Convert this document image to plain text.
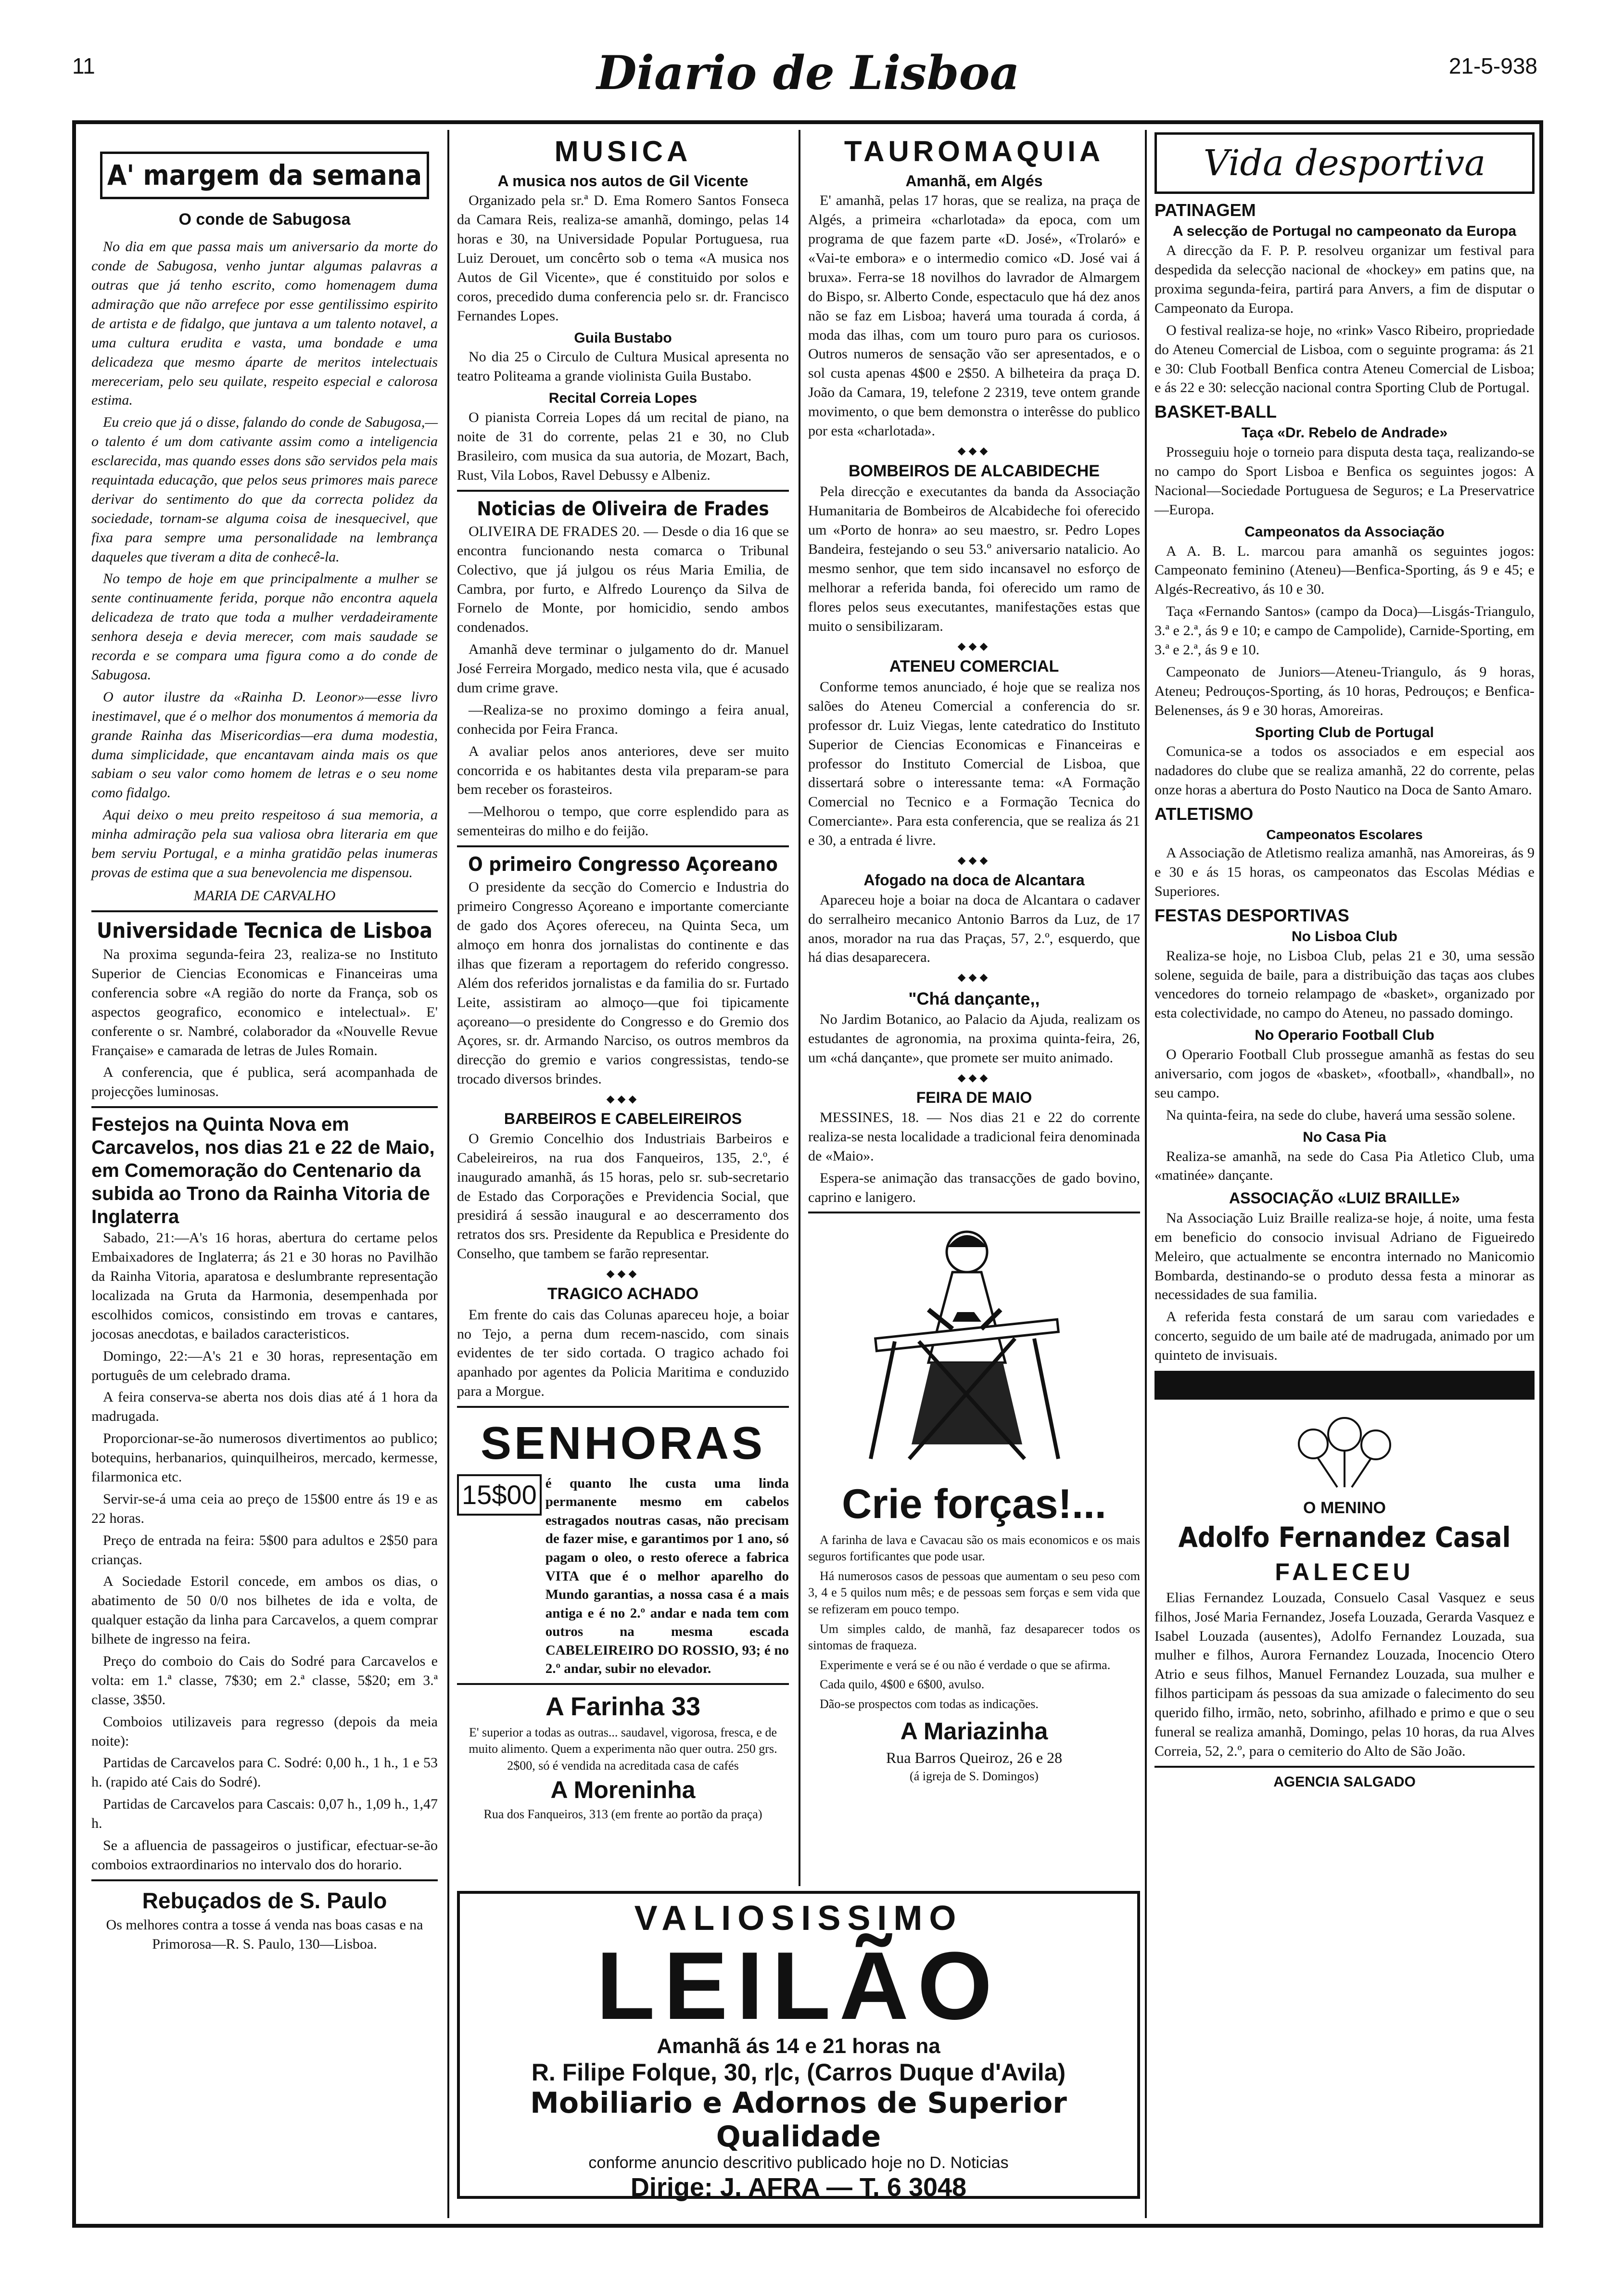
11	Diario de Lisboa	21-5-938
A' margem da semana
O conde de Sabugosa

No dia em que passa mais um aniversario da morte do conde de Sabugosa, venho juntar algumas palavras a outras que já tenho escrito, como homenagem duma admiração que não arrefece por esse gentilissimo espirito de artista e de fidalgo, que juntava a um talento notavel, a uma cultura erudita e vasta, uma bondade e uma delicadeza que mesmo áparte de meritos intelectuais mereceriam, pelo seu quilate, respeito especial e calorosa estima.

Eu creio que já o disse, falando do conde de Sabugosa,—o talento é um dom cativante assim como a inteligencia esclarecida, mas quando esses dons são servidos pela mais requintada educação, que pelos seus primores mais parece derivar do sentimento do que da correcta polidez da sociedade, tornam-se alguma coisa de inesquecivel, que fixa para sempre uma personalidade na lembrança daqueles que tiveram a dita de conhecê-la.

No tempo de hoje em que principalmente a mulher se sente continuamente ferida, porque não encontra aquela delicadeza de trato que toda a mulher verdadeiramente senhora deseja e devia merecer, com mais saudade se recorda e se compara uma figura como a do conde de Sabugosa.

O autor ilustre da «Rainha D. Leonor»—esse livro inestimavel, que é o melhor dos monumentos á memoria da grande Rainha das Misericordias—era duma modestia, duma simplicidade, que encantavam ainda mais os que sabiam o seu valor como homem de letras e o seu nome como fidalgo.

Aqui deixo o meu preito respeitoso á sua memoria, a minha admiração pela sua valiosa obra literaria em que bem serviu Portugal, e a minha gratidão pelas inumeras provas de estima que a sua benevolencia me dispensou.

MARIA DE CARVALHO
Universidade Tecnica de Lisboa

Na proxima segunda-feira 23, realiza-se no Instituto Superior de Ciencias Economicas e Financeiras uma conferencia sobre «A região do norte da França, sob os aspectos geografico, economico e intelectual». E' conferente o sr. Nambré, colaborador da «Nouvelle Revue Française» e camarada de letras de Jules Romain.

A conferencia, que é publica, será acompanhada de projecções luminosas.

Festejos na Quinta Nova em Carcavelos, nos dias 21 e 22 de Maio, em Comemoração do Centenario da subida ao Trono da Rainha Vitoria de Inglaterra

Sabado, 21:—A's 16 horas, abertura do certame pelos Embaixadores de Inglaterra; ás 21 e 30 horas no Pavilhão da Rainha Vitoria, aparatosa e deslumbrante representação localizada na Gruta da Harmonia, desempenhada por escolhidos comicos, consistindo em trovas e cantares, jocosas anecdotas, e bailados caracteristicos.

Domingo, 22:—A's 21 e 30 horas, representação em português de um celebrado drama.

A feira conserva-se aberta nos dois dias até á 1 hora da madrugada.

Proporcionar-se-ão numerosos divertimentos ao publico; botequins, herbanarios, quinquilheiros, mercado, kermesse, filarmonica etc.

Servir-se-á uma ceia ao preço de 15$00 entre ás 19 e as 22 horas.

Preço de entrada na feira: 5$00 para adultos e 2$50 para crianças.

A Sociedade Estoril concede, em ambos os dias, o abatimento de 50 0/0 nos bilhetes de ida e volta, de qualquer estação da linha para Carcavelos, a quem comprar bilhete de ingresso na feira.

Preço do comboio do Cais do Sodré para Carcavelos e volta: em 1.ª classe, 7$30; em 2.ª classe, 5$20; em 3.ª classe, 3$50.

Comboios utilizaveis para regresso (depois da meia noite):

Partidas de Carcavelos para C. Sodré: 0,00 h., 1 h., 1 e 53 h. (rapido até Cais do Sodré).

Partidas de Carcavelos para Cascais: 0,07 h., 1,09 h., 1,47 h.

Se a afluencia de passageiros o justificar, efectuar-se-ão comboios extraordinarios no intervalo dos do horario.

Rebuçados de S. Paulo
Os melhores contra a tosse á venda nas boas casas e na Primorosa—R. S. Paulo, 130—Lisboa.
MUSICA
A musica nos autos de Gil Vicente

Organizado pela sr.ª D. Ema Romero Santos Fonseca da Camara Reis, realiza-se amanhã, domingo, pelas 14 horas e 30, na Universidade Popular Portuguesa, rua Luiz Derouet, um concêrto sob o tema «A musica nos Autos de Gil Vicente», que é constituido por solos e coros, precedido duma conferencia pelo sr. dr. Francisco Fernandes Lopes.

Guila Bustabo

No dia 25 o Circulo de Cultura Musical apresenta no teatro Politeama a grande violinista Guila Bustabo.

Recital Correia Lopes

O pianista Correia Lopes dá um recital de piano, na noite de 31 do corrente, pelas 21 e 30, no Club Brasileiro, com musica da sua autoria, de Mozart, Bach, Rust, Vila Lobos, Ravel Debussy e Albeniz.

Noticias de Oliveira de Frades

OLIVEIRA DE FRADES 20. — Desde o dia 16 que se encontra funcionando nesta comarca o Tribunal Colectivo, que já julgou os réus Maria Emilia, de Cambra, por furto, e Alfredo Lourenço da Silva de Fornelo de Monte, por homicidio, sendo ambos condenados.

Amanhã deve terminar o julgamento do dr. Manuel José Ferreira Morgado, medico nesta vila, que é acusado dum crime grave.

—Realiza-se no proximo domingo a feira anual, conhecida por Feira Franca.

A avaliar pelos anos anteriores, deve ser muito concorrida e os habitantes desta vila preparam-se para bem receber os forasteiros.

—Melhorou o tempo, que corre esplendido para as sementeiras do milho e do feijão.

O primeiro Congresso Açoreano

O presidente da secção do Comercio e Industria do primeiro Congresso Açoreano e importante comerciante de gado dos Açores ofereceu, na Quinta Seca, um almoço em honra dos jornalistas do continente e das ilhas que fizeram a reportagem do referido congresso. Além dos referidos jornalistas e da familia do sr. Furtado Leite, assistiram ao almoço—que foi tipicamente açoreano—o presidente do Congresso e do Gremio dos Açores, sr. dr. Armando Narciso, os outros membros da direcção do gremio e varios congressistas, tendo-se trocado diversos brindes.

◆◆◆
BARBEIROS E CABELEIREIROS

O Gremio Concelhio dos Industriais Barbeiros e Cabeleireiros, na rua dos Fanqueiros, 135, 2.º, é inaugurado amanhã, ás 15 horas, pelo sr. sub-secretario de Estado das Corporações e Previdencia Social, que presidirá á sessão inaugural e ao descerramento dos retratos dos srs. Presidente da Republica e Presidente do Conselho, que tambem se farão representar.

◆◆◆
TRAGICO ACHADO

Em frente do cais das Colunas apareceu hoje, a boiar no Tejo, a perna dum recem-nascido, com sinais evidentes de ter sido cortada. O tragico achado foi apanhado por agentes da Policia Maritima e conduzido para a Morgue.

SENHORAS
15$00 é quanto lhe custa uma linda permanente mesmo em cabelos estragados noutras casas, não precisam de fazer mise, e garantimos por 1 ano, só pagam o oleo, o resto oferece a fabrica VITA que é o melhor aparelho do Mundo garantias, a nossa casa é a mais antiga e é no 2.º andar e nada tem com outros na mesma escada CABELEIREIRO DO ROSSIO, 93; é no 2.º andar, subir no elevador.
A Farinha 33
E' superior a todas as outras... saudavel, vigorosa, fresca, e de muito alimento. Quem a experimenta não quer outra. 250 grs. 2$00, só é vendida na acreditada casa de cafés
A Moreninha
Rua dos Fanqueiros, 313 (em frente ao portão da praça)
TAUROMAQUIA
Amanhã, em Algés

E' amanhã, pelas 17 horas, que se realiza, na praça de Algés, a primeira «charlotada» da epoca, com um programa de que fazem parte «D. José», «Trolaró» e «Vai-te embora» e o intermedio comico «D. José vai á bruxa». Ferra-se 18 novilhos do lavrador de Almargem do Bispo, sr. Alberto Conde, espectaculo que há dez anos não se faz em Lisboa; haverá uma tourada á corda, á moda das ilhas, com um touro puro para os curiosos. Outros numeros de sensação vão ser apresentados, e o sol custa apenas 4$00 e 2$50. A bilheteira da praça D. João da Camara, 19, telefone 2 2319, teve ontem grande movimento, o que bem demonstra o interêsse do publico por esta «charlotada».

◆◆◆
BOMBEIROS DE ALCABIDECHE

Pela direcção e executantes da banda da Associação Humanitaria de Bombeiros de Alcabideche foi oferecido um «Porto de honra» ao seu maestro, sr. Pedro Lopes Bandeira, festejando o seu 53.º aniversario natalicio. Ao mesmo senhor, que tem sido incansavel no esforço de melhorar a referida banda, foi oferecido um ramo de flores pelos seus executantes, manifestações estas que muito o sensibilizaram.

◆◆◆
ATENEU COMERCIAL

Conforme temos anunciado, é hoje que se realiza nos salões do Ateneu Comercial a conferencia do sr. professor dr. Luiz Viegas, lente catedratico do Instituto Superior de Ciencias Economicas e Financeiras e professor do Instituto Comercial de Lisboa, que dissertará sobre o interessante tema: «A Formação Comercial no Tecnico e a Formação Tecnica do Comerciante». Para esta conferencia, que se realiza ás 21 e 30, a entrada é livre.

◆◆◆
Afogado na doca de Alcantara

Apareceu hoje a boiar na doca de Alcantara o cadaver do serralheiro mecanico Antonio Barros da Luz, de 17 anos, morador na rua das Praças, 57, 2.º, esquerdo, que há dias desaparecera.

◆◆◆
"Chá dançante,,

No Jardim Botanico, ao Palacio da Ajuda, realizam os estudantes de agronomia, na proxima quinta-feira, 26, um «chá dançante», que promete ser muito animado.

◆◆◆
FEIRA DE MAIO

MESSINES, 18. — Nos dias 21 e 22 do corrente realiza-se nesta localidade a tradicional feira denominada de «Maio».

Espera-se animação das transacções de gado bovino, caprino e lanigero.

Crie forças!...

A farinha de lava e Cavacau são os mais economicos e os mais seguros fortificantes que pode usar.

Há numerosos casos de pessoas que aumentam o seu peso com 3, 4 e 5 quilos num mês; e de pessoas sem forças e sem vida que se refizeram em pouco tempo.

Um simples caldo, de manhã, faz desaparecer todos os sintomas de fraqueza.

Experimente e verá se é ou não é verdade o que se afirma.

Cada quilo, 4$00 e 6$00, avulso.

Dão-se prospectos com todas as indicações.

A Mariazinha
Rua Barros Queiroz, 26 e 28
(á igreja de S. Domingos)
Vida desportiva
PATINAGEM
A selecção de Portugal no campeonato da Europa

A direcção da F. P. P. resolveu organizar um festival para despedida da selecção nacional de «hockey» em patins que, na proxima segunda-feira, partirá para Anvers, a fim de disputar o Campeonato da Europa.

O festival realiza-se hoje, no «rink» Vasco Ribeiro, propriedade do Ateneu Comercial de Lisboa, com o seguinte programa: ás 21 e 30: Club Football Benfica contra Ateneu Comercial de Lisboa; e ás 22 e 30: selecção nacional contra Sporting Club de Portugal.

BASKET-BALL
Taça «Dr. Rebelo de Andrade»

Prosseguiu hoje o torneio para disputa desta taça, realizando-se no campo do Sport Lisboa e Benfica os seguintes jogos: A Nacional—Sociedade Portuguesa de Seguros; e La Preservatrice—Europa.

Campeonatos da Associação

A A. B. L. marcou para amanhã os seguintes jogos: Campeonato feminino (Ateneu)—Benfica-Sporting, ás 9 e 45; e Algés-Recreativo, ás 10 e 30.

Taça «Fernando Santos» (campo da Doca)—Lisgás-Triangulo, 3.ª e 2.ª, ás 9 e 10; e campo de Campolide), Carnide-Sporting, em 3.ª e 2.ª, ás 9 e 10.

Campeonato de Juniors—Ateneu-Triangulo, ás 9 horas, Ateneu; Pedrouços-Sporting, ás 10 horas, Pedrouços; e Benfica-Belenenses, ás 9 e 30 horas, Amoreiras.

Sporting Club de Portugal

Comunica-se a todos os associados e em especial aos nadadores do clube que se realiza amanhã, 22 do corrente, pelas onze horas a abertura do Posto Nautico na Doca de Santo Amaro.

ATLETISMO
Campeonatos Escolares

A Associação de Atletismo realiza amanhã, nas Amoreiras, ás 9 e 30 e ás 15 horas, os campeonatos das Escolas Médias e Superiores.

FESTAS DESPORTIVAS
No Lisboa Club

Realiza-se hoje, no Lisboa Club, pelas 21 e 30, uma sessão solene, seguida de baile, para a distribuição das taças aos clubes vencedores do torneio relampago de «basket», organizado por esta colectividade, no campo do Ateneu, no passado domingo.

No Operario Football Club

O Operario Football Club prossegue amanhã as festas do seu aniversario, com jogos de «basket», «football», «handball», no seu campo.

Na quinta-feira, na sede do clube, haverá uma sessão solene.

No Casa Pia

Realiza-se amanhã, na sede do Casa Pia Atletico Club, uma «matinée» dançante.

ASSOCIAÇÃO «LUIZ BRAILLE»

Na Associação Luiz Braille realiza-se hoje, á noite, uma festa em beneficio do consocio invisual Adriano de Figueiredo Meleiro, que actualmente se encontra internado no Manicomio Bombarda, destinando-se o produto dessa festa a minorar as necessidades de sua familia.

A referida festa constará de um sarau com variedades e concerto, seguido de um baile até de madrugada, animado por um quinteto de invisuais.

O MENINO
Adolfo Fernandez Casal
FALECEU

Elias Fernandez Louzada, Consuelo Casal Vasquez e seus filhos, José Maria Fernandez, Josefa Louzada, Gerarda Vasquez e Isabel Louzada (ausentes), Adolfo Fernandez Louzada, sua mulher e filhos, Aurora Fernandez Louzada, Inocencio Otero Atrio e seus filhos, Manuel Fernandez Louzada, sua mulher e filhos participam ás pessoas da sua amizade o falecimento do seu querido filho, irmão, neto, sobrinho, afilhado e primo e que o seu funeral se realiza amanhã, Domingo, pelas 10 horas, da rua Alves Correia, 52, 2.º, para o cemiterio do Alto de São João.

AGENCIA SALGADO
VALIOSISSIMO
LEILÃO
Amanhã ás 14 e 21 horas na
R. Filipe Folque, 30, r|c, (Carros Duque d'Avila)
Mobiliario e Adornos de Superior Qualidade
conforme anuncio descritivo publicado hoje no D. Noticias
Dirige: J. AFRA — T. 6 3048
